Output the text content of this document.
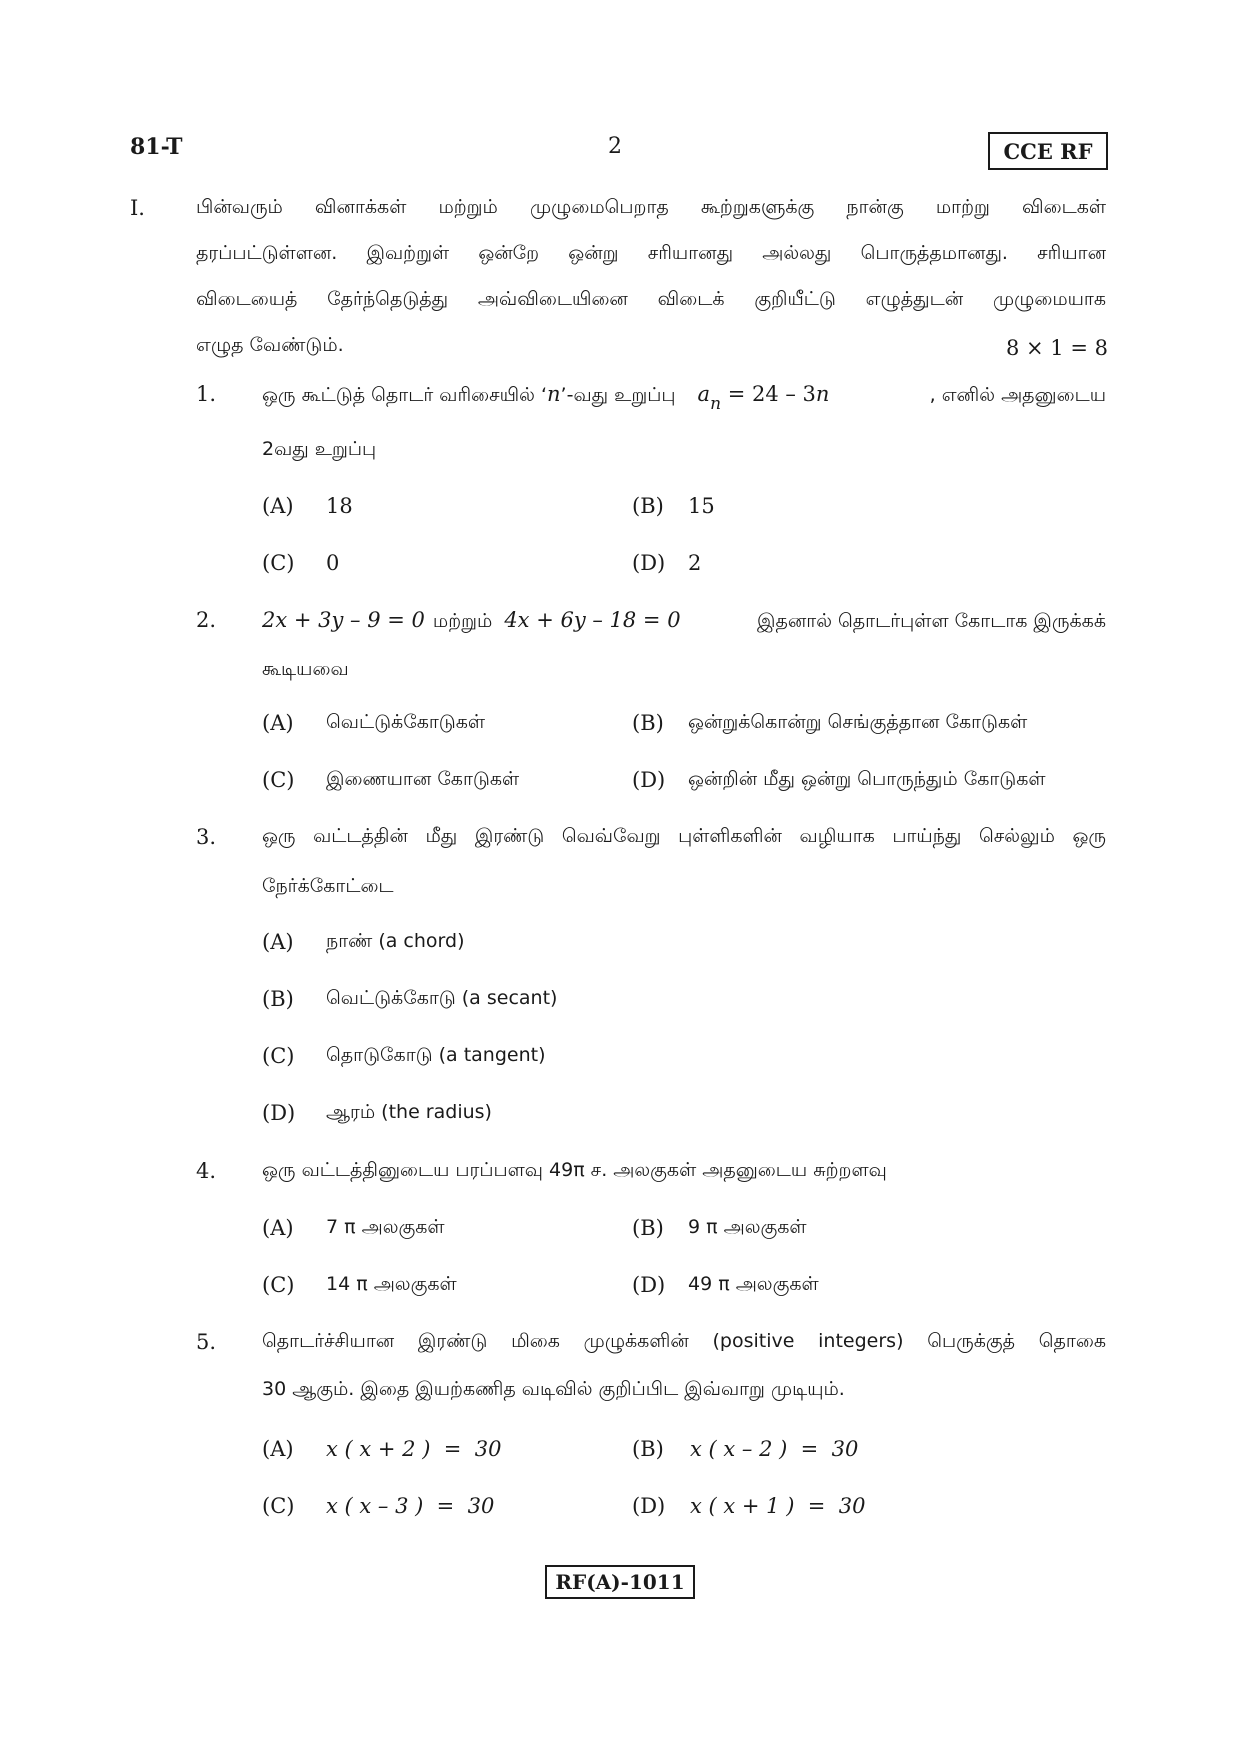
81-T	2	CCE RF
I.	பின்வரும் வினாக்கள் மற்றும் முழுமைபெறாத கூற்றுகளுக்கு நான்கு மாற்று விடைகள்
தரப்பட்டுள்ளன. இவற்றுள் ஒன்றே ஒன்று சரியானது அல்லது பொருத்தமானது. சரியான
விடையைத் தேர்ந்தெடுத்து அவ்விடையினை விடைக் குறியீட்டு எழுத்துடன் முழுமையாக
எழுத வேண்டும்.	8 × 1 = 8
1. ஒரு கூட்டுத் தொடர் வரிசையில் ‘ n ’-வது உறுப்பு $a_n = 24 - 3n$	, எனில் அதனுடைய
2வது உறுப்பு
(A) 18	(B) 15
(C) 0	(D) 2
2. 2x + 3y – 9 = 0 மற்றும் 4x + 6y – 18 = 0	இதனால் தொடர்புள்ள கோடாக இருக்கக்
கூடியவை
(A) வெட்டுக்கோடுகள்	(B) ஒன்றுக்கொன்று செங்குத்தான கோடுகள்
(C) இணையான கோடுகள்	(D) ஒன்றின் மீது ஒன்று பொருந்தும் கோடுகள்
3. ஒரு வட்டத்தின் மீது இரண்டு வெவ்வேறு புள்ளிகளின் வழியாக பாய்ந்து செல்லும் ஒரு
நேர்க்கோட்டை
(A) நாண் (a chord)
(B) வெட்டுக்கோடு (a secant)
(C) தொடுகோடு (a tangent)
(D) ஆரம் (the radius)
4. ஒரு வட்டத்தினுடைய பரப்பளவு 49π ச. அலகுகள் அதனுடைய சுற்றளவு
(A) 7 π அலகுகள்	(B) 9 π அலகுகள்
(C) 14 π அலகுகள்	(D) 49 π அலகுகள்
5. தொடர்ச்சியான இரண்டு மிகை முழுக்களின் (positive integers) பெருக்குத் தொகை
30 ஆகும். இதை இயற்கணித வடிவில் குறிப்பிட இவ்வாறு முடியும்.
(A) x ( x + 2 )  =  30	(B) x ( x – 2 )  =  30
(C) x ( x – 3 )  =  30	(D) x ( x + 1 )  =  30
RF(A)-1011
